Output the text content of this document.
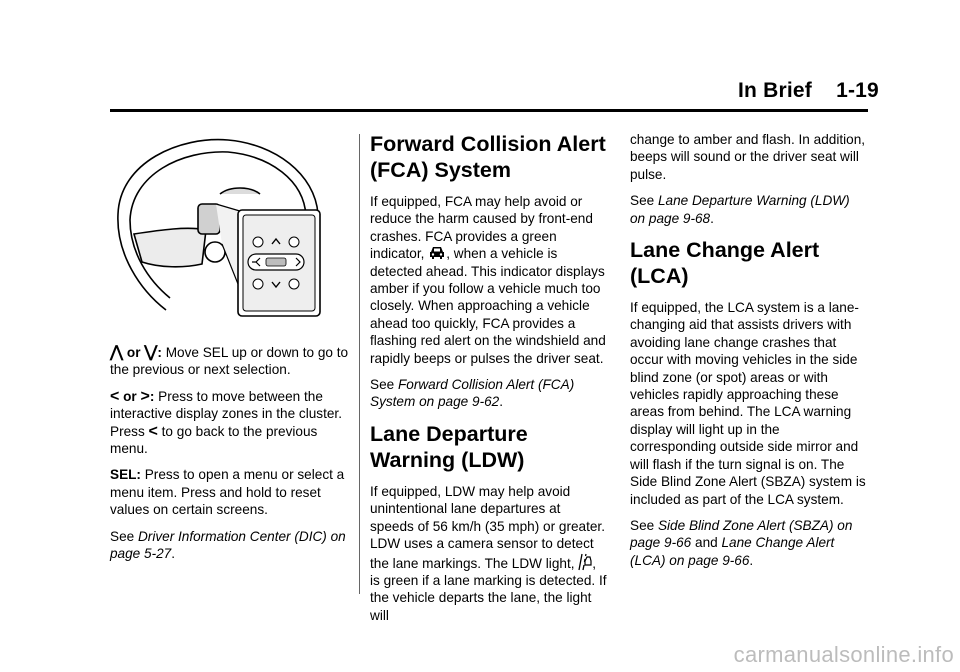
In Brief 1-19

⋀ or ⋁: Move SEL up or down to go to the previous or next selection.

< or >: Press to move between the interactive display zones in the cluster. Press < to go back to the previous menu.

SEL: Press to open a menu or select a menu item. Press and hold to reset values on certain screens.

See Driver Information Center (DIC) on page 5-27.

Forward Collision Alert (FCA) System

If equipped, FCA may help avoid or reduce the harm caused by front-end crashes. FCA provides a green indicator, , when a vehicle is detected ahead. This indicator displays amber if you follow a vehicle much too closely. When approaching a vehicle ahead too quickly, FCA provides a flashing red alert on the windshield and rapidly beeps or pulses the driver seat.

See Forward Collision Alert (FCA) System on page 9-62.

Lane Departure Warning (LDW)

If equipped, LDW may help avoid unintentional lane departures at speeds of 56 km/h (35 mph) or greater. LDW uses a camera sensor to detect the lane markings. The LDW light, , is green if a lane marking is detected. If the vehicle departs the lane, the light will

change to amber and flash. In addition, beeps will sound or the driver seat will pulse.

See Lane Departure Warning (LDW) on page 9-68.

Lane Change Alert (LCA)

If equipped, the LCA system is a lane-changing aid that assists drivers with avoiding lane change crashes that occur with moving vehicles in the side blind zone (or spot) areas or with vehicles rapidly approaching these areas from behind. The LCA warning display will light up in the corresponding outside side mirror and will flash if the turn signal is on. The Side Blind Zone Alert (SBZA) system is included as part of the LCA system.

See Side Blind Zone Alert (SBZA) on page 9-66 and Lane Change Alert (LCA) on page 9-66.

carmanualsonline.info
